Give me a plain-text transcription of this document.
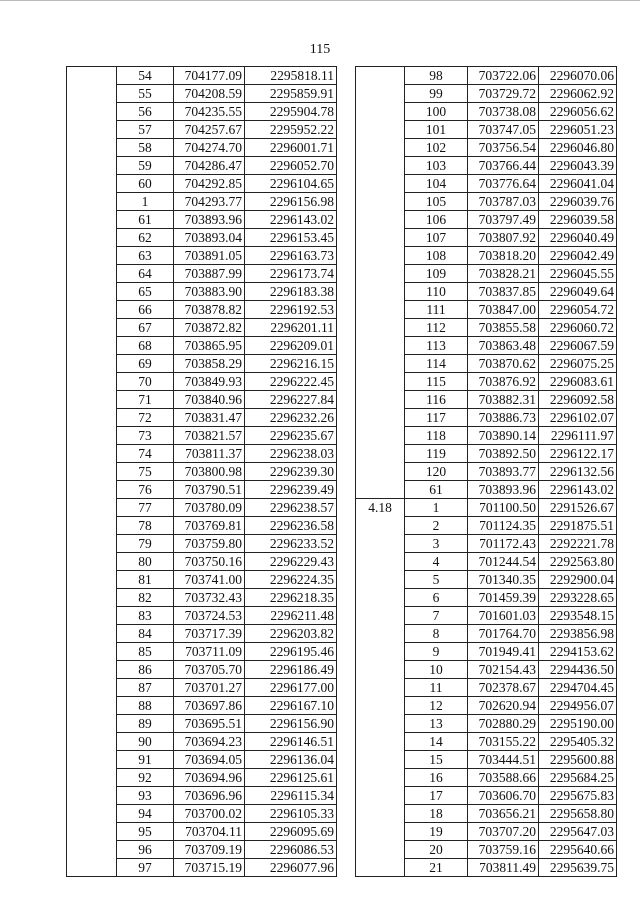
115
	54	704177.09	2295818.11
	55	704208.59	2295859.91
	56	704235.55	2295904.78
	57	704257.67	2295952.22
	58	704274.70	2296001.71
	59	704286.47	2296052.70
	60	704292.85	2296104.65
	1	704293.77	2296156.98
	61	703893.96	2296143.02
	62	703893.04	2296153.45
	63	703891.05	2296163.73
	64	703887.99	2296173.74
	65	703883.90	2296183.38
	66	703878.82	2296192.53
	67	703872.82	2296201.11
	68	703865.95	2296209.01
	69	703858.29	2296216.15
	70	703849.93	2296222.45
	71	703840.96	2296227.84
	72	703831.47	2296232.26
	73	703821.57	2296235.67
	74	703811.37	2296238.03
	75	703800.98	2296239.30
	76	703790.51	2296239.49
	77	703780.09	2296238.57
	78	703769.81	2296236.58
	79	703759.80	2296233.52
	80	703750.16	2296229.43
	81	703741.00	2296224.35
	82	703732.43	2296218.35
	83	703724.53	2296211.48
	84	703717.39	2296203.82
	85	703711.09	2296195.46
	86	703705.70	2296186.49
	87	703701.27	2296177.00
	88	703697.86	2296167.10
	89	703695.51	2296156.90
	90	703694.23	2296146.51
	91	703694.05	2296136.04
	92	703694.96	2296125.61
	93	703696.96	2296115.34
	94	703700.02	2296105.33
	95	703704.11	2296095.69
	96	703709.19	2296086.53
	97	703715.19	2296077.96
	98	703722.06	2296070.06
	99	703729.72	2296062.92
	100	703738.08	2296056.62
	101	703747.05	2296051.23
	102	703756.54	2296046.80
	103	703766.44	2296043.39
	104	703776.64	2296041.04
	105	703787.03	2296039.76
	106	703797.49	2296039.58
	107	703807.92	2296040.49
	108	703818.20	2296042.49
	109	703828.21	2296045.55
	110	703837.85	2296049.64
	111	703847.00	2296054.72
	112	703855.58	2296060.72
	113	703863.48	2296067.59
	114	703870.62	2296075.25
	115	703876.92	2296083.61
	116	703882.31	2296092.58
	117	703886.73	2296102.07
	118	703890.14	2296111.97
	119	703892.50	2296122.17
	120	703893.77	2296132.56
	61	703893.96	2296143.02
4.18	1	701100.50	2291526.67
	2	701124.35	2291875.51
	3	701172.43	2292221.78
	4	701244.54	2292563.80
	5	701340.35	2292900.04
	6	701459.39	2293228.65
	7	701601.03	2293548.15
	8	701764.70	2293856.98
	9	701949.41	2294153.62
	10	702154.43	2294436.50
	11	702378.67	2294704.45
	12	702620.94	2294956.07
	13	702880.29	2295190.00
	14	703155.22	2295405.32
	15	703444.51	2295600.88
	16	703588.66	2295684.25
	17	703606.70	2295675.83
	18	703656.21	2295658.80
	19	703707.20	2295647.03
	20	703759.16	2295640.66
	21	703811.49	2295639.75
